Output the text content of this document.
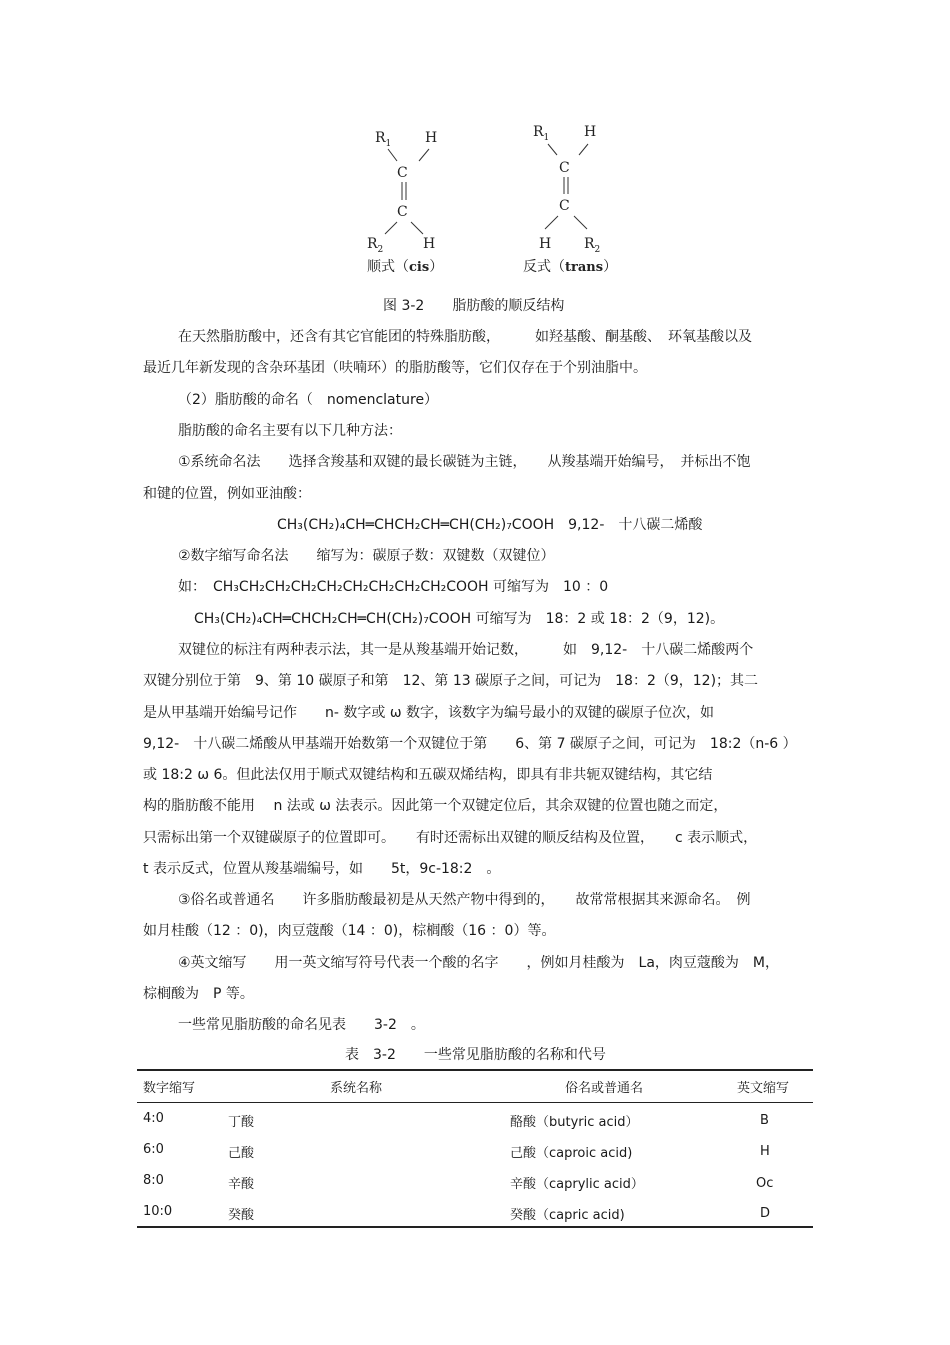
$R_1$ H
C
C
$R_2$	H
顺式（cis）
$R_1$ H
C
C
H $R_2$
反式（trans）
图 3-2　　脂肪酸的顺反结构
在天然脂肪酸中，还含有其它官能团的特殊脂肪酸，　　　如羟基酸、酮基酸、　环氧基酸以及
最近几年新发现的含杂环基团（呋喃环）的脂肪酸等，它们仅存在于个别油脂中。
（2）脂肪酸的命名（　nomenclature）
脂肪酸的命名主要有以下几种方法：
①系统命名法　　选择含羧基和双键的最长碳链为主链，　　从羧基端开始编号，　并标出不饱
和键的位置，例如亚油酸：
CH₃(CH₂)₄CH═CHCH₂CH═CH(CH₂)₇COOH　9,12-　十八碳二烯酸
②数字缩写命名法　　缩写为：碳原子数：双键数（双键位）
如：　CH₃CH₂CH₂CH₂CH₂CH₂CH₂CH₂CH₂COOH 可缩写为　10 ：0
CH₃(CH₂)₄CH═CHCH₂CH═CH(CH₂)₇COOH 可缩写为　18：2 或 18：2（9，12)。
双键位的标注有两种表示法，其一是从羧基端开始记数，　　　如　9,12-　十八碳二烯酸两个
双键分别位于第　9、第 10 碳原子和第　12、第 13 碳原子之间，可记为　18：2（9，12)；其二
是从甲基端开始编号记作　　n- 数字或 ω 数字，该数字为编号最小的双键的碳原子位次，如
9,12-　十八碳二烯酸从甲基端开始数第一个双键位于第　　6、第 7 碳原子之间，可记为　18:2（n-6 ）
或 18:2 ω 6。但此法仅用于顺式双键结构和五碳双烯结构，即具有非共轭双键结构，其它结
构的脂肪酸不能用　 n 法或 ω 法表示。因此第一个双键定位后，其余双键的位置也随之而定，
只需标出第一个双键碳原子的位置即可。　　有时还需标出双键的顺反结构及位置，　　c 表示顺式，
t 表示反式，位置从羧基端编号，如　　5t，9c-18:2　。
③俗名或普通名　　许多脂肪酸最初是从天然产物中得到的，　　故常常根据其来源命名。　例
如月桂酸（12 ：0)，肉豆蔻酸（14 ：0)，棕榈酸（16 ：0）等。
④英文缩写　　用一英文缩写符号代表一个酸的名字　　，例如月桂酸为　La，肉豆蔻酸为　M，
棕榈酸为　P 等。
一些常见脂肪酸的命名见表　　3-2　。
表　3-2　　一些常见脂肪酸的名称和代号
数字缩写	系统名称	俗名或普通名	英文缩写
4:0	丁酸	酪酸（butyric acid）	B
6:0	己酸	己酸（caproic acid)	H
8:0	辛酸	辛酸（caprylic acid）	Oc
10:0	癸酸	癸酸（capric acid)	D
